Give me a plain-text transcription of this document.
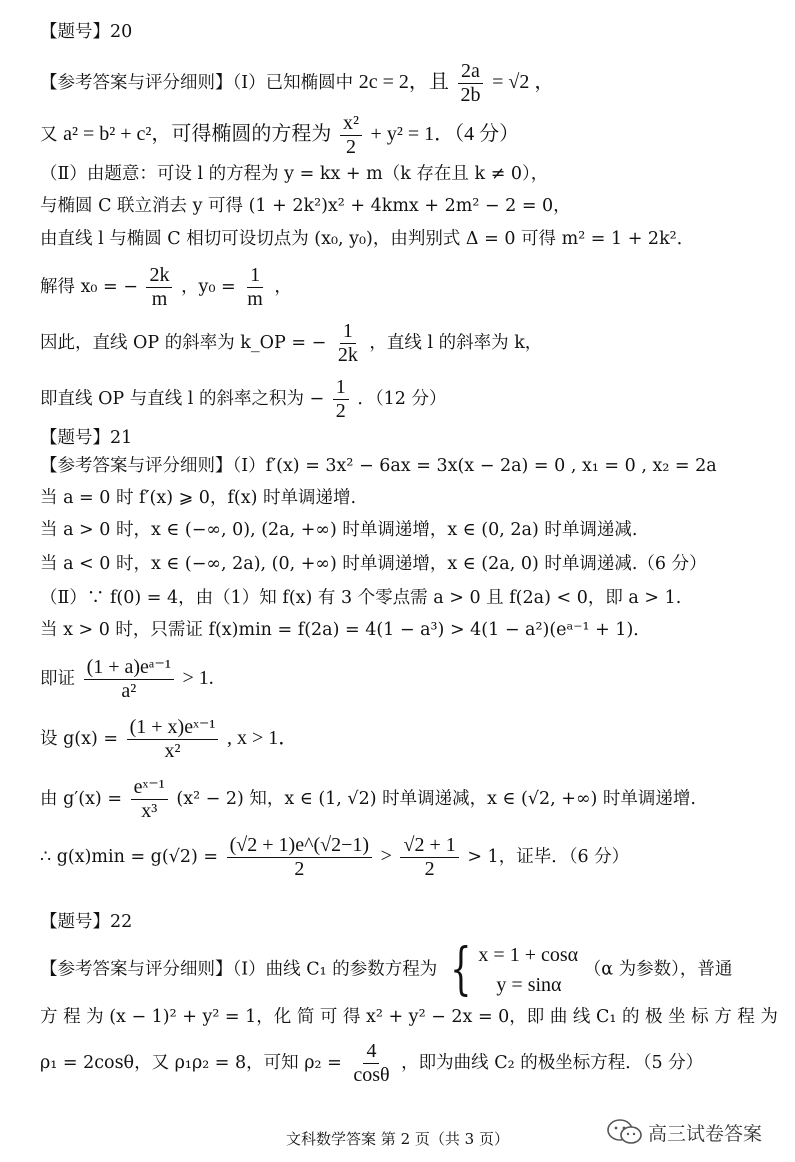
【题号】20
【参考答案与评分细则】（Ⅰ）已知椭圆中 2c = 2，且 $\frac{2a}{2b} = √2$ ，
又 a² = b² + c²，可得椭圆的方程为 $\frac{\text{x²}}{2} + y^2 = 1$．（4 分）
（Ⅱ）由题意：可设 l 的方程为 y = kx + m（k 存在且 k ≠ 0），
与椭圆 C 联立消去 y 可得 (1 + 2k²)x² + 4kmx + 2m² − 2 = 0，
由直线 l 与椭圆 C 相切可设切点为 (x₀, y₀)，由判别式 Δ = 0 可得 m² = 1 + 2k²．
解得 x₀ = − $\frac{2k}{m}$ ，$y_0 = \frac{1}{m}$ ，
因此，直线 OP 的斜率为 k_OP = − $\frac{1}{2k}$ ，直线 l 的斜率为 k，
即直线 OP 与直线 l 的斜率之积为 − $\frac{1}{2}$ ．（12 分）
【题号】21
【参考答案与评分细则】（Ⅰ）f′(x) = 3x² − 6ax = 3x(x − 2a) = 0 , x₁ = 0 , x₂ = 2a
当 a = 0 时 f′(x) ⩾ 0，f(x) 时单调递增.
当 a > 0 时，x ∈ (−∞, 0), (2a, +∞) 时单调递增，x ∈ (0, 2a) 时单调递减.
当 a < 0 时，x ∈ (−∞, 2a), (0, +∞) 时单调递增，x ∈ (2a, 0) 时单调递减.（6 分）
（Ⅱ）∵ f(0) = 4，由（1）知 f(x) 有 3 个零点需 a > 0 且 f(2a) < 0，即 a > 1.
当 x > 0 时，只需证 f(x)min = f(2a) = 4(1 − a³) > 4(1 − a²)(eᵃ⁻¹ + 1)．
即证 $\frac{\text{(1 + a)eᵃ⁻¹}}{\text{a²}} > 1$.
设 $g(x) = \frac{\text{(1 + x)eˣ⁻¹}}{\text{x²}}$ , x > 1．
由 $g'(x) = \frac{\text{eˣ⁻¹}}{\text{x³}} (x^2 - 2)$ 知，x ∈ (1, √2) 时单调递减，x ∈ (√2, +∞) 时单调递增.
∴ $g(x)\min = g(√2) = \frac{(√2 + 1)e\^{}(√2-1)}{2} > \frac{√2 + 1}{2} > 1$，证毕．（6 分）
【题号】22
【参考答案与评分细则】（Ⅰ）曲线 C₁ 的参数方程为 { x = 1 + cosα
y = sinα
（α 为参数），普通
方 程 为 (x − 1)² + y² = 1，化 简 可 得 x² + y² − 2x = 0，即 曲 线 C₁ 的 极 坐 标 方 程 为
ρ₁ = 2cosθ，又 ρ₁ρ₂ = 8，可知 $\rho_2 = \frac{4}{\cos\theta}$ ，即为曲线 C₂ 的极坐标方程．（5 分）
文科数学答案 第 2 页（共 3 页）	高三试卷答案
